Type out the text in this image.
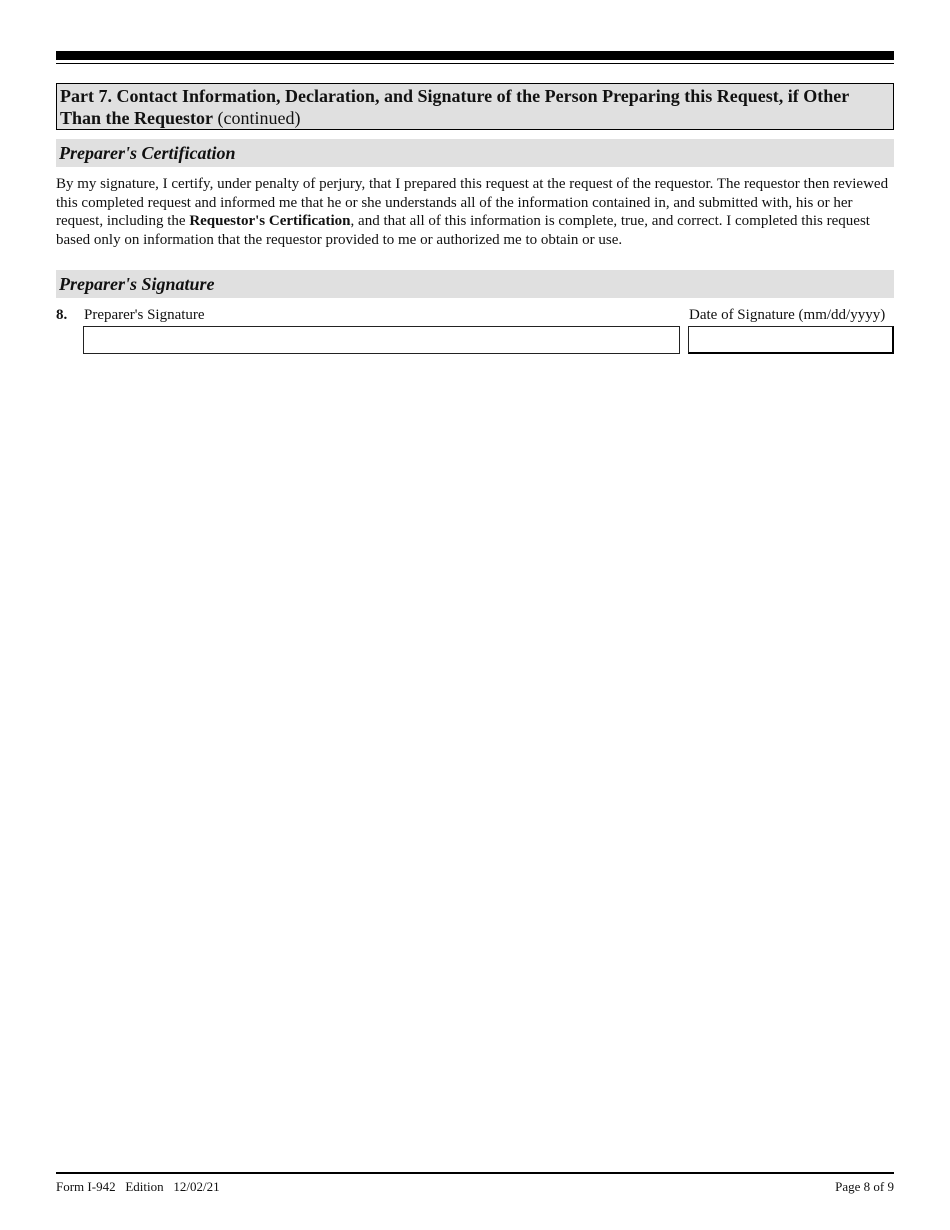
Part 7. Contact Information, Declaration, and Signature of the Person Preparing this Request, if Other Than the Requestor (continued)
Preparer's Certification
By my signature, I certify, under penalty of perjury, that I prepared this request at the request of the requestor. The requestor then reviewed this completed request and informed me that he or she understands all of the information contained in, and submitted with, his or her request, including the Requestor's Certification, and that all of this information is complete, true, and correct. I completed this request based only on information that the requestor provided to me or authorized me to obtain or use.
Preparer's Signature
8. Preparer's Signature	Date of Signature (mm/dd/yyyy)
Form I-942   Edition   12/02/21	Page 8 of 9
